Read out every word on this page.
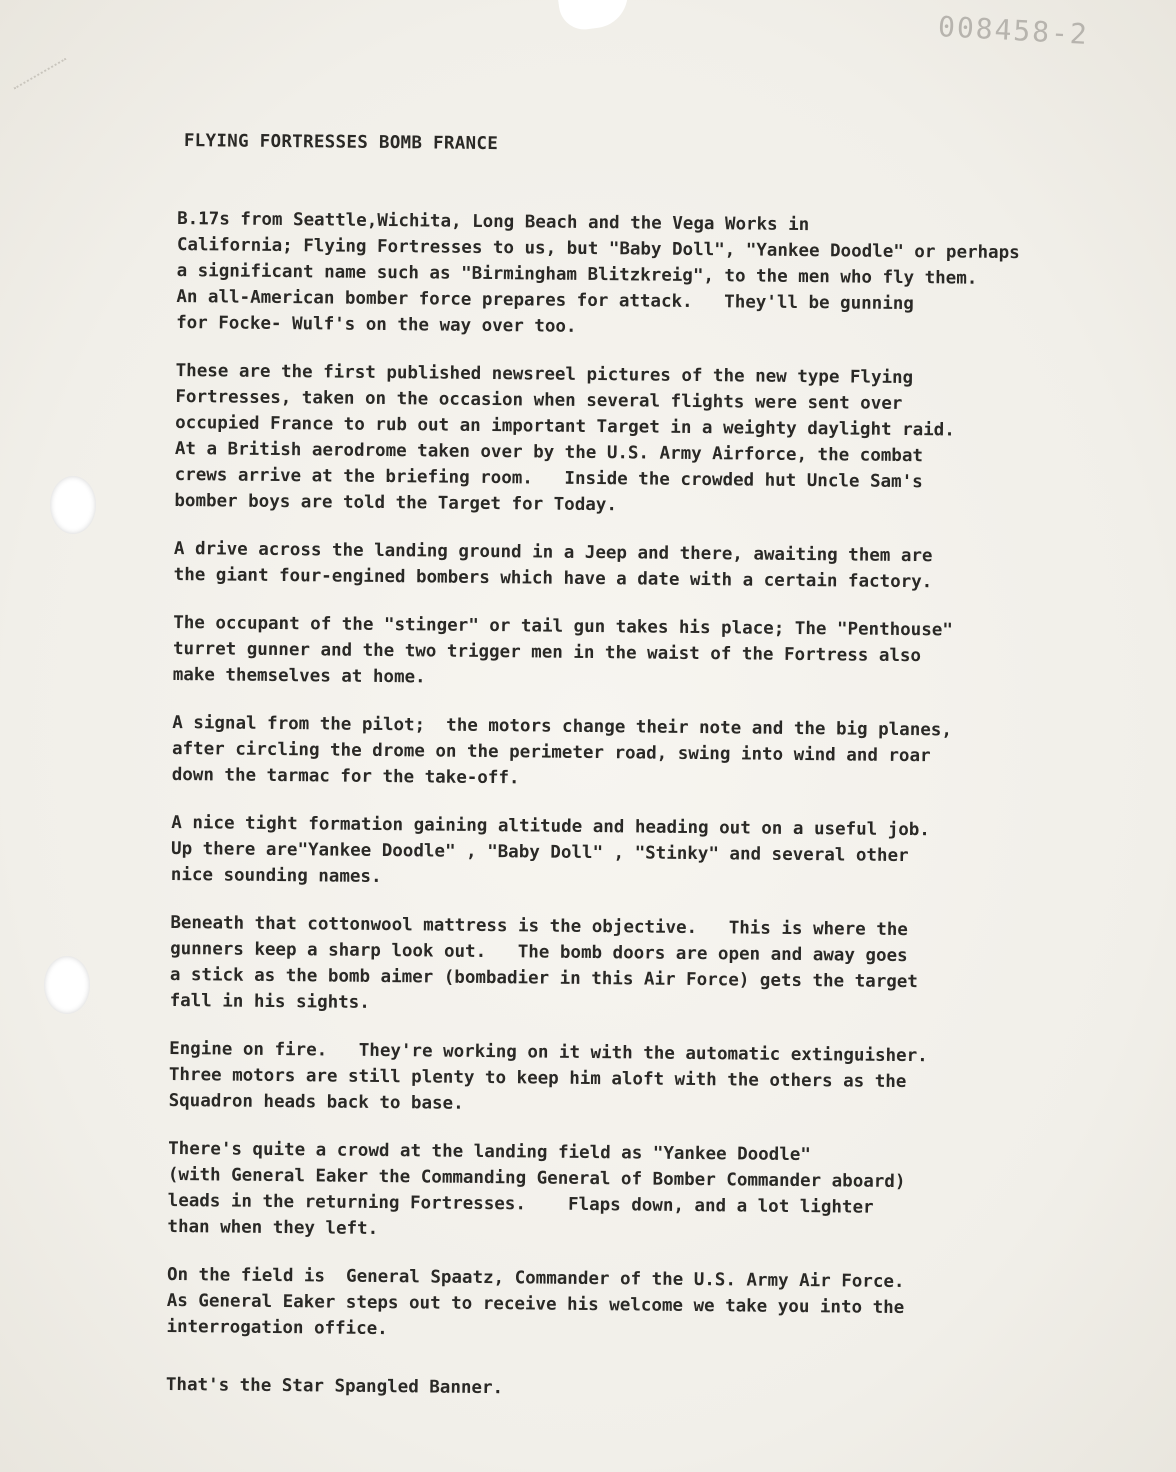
008458-2

FLYING FORTRESSES BOMB FRANCE

B.17s from Seattle,Wichita, Long Beach and the Vega Works in
California; Flying Fortresses to us, but "Baby Doll", "Yankee Doodle" or perhaps
a significant name such as "Birmingham Blitzkreig", to the men who fly them.
An all-American bomber force prepares for attack.   They'll be gunning
for Focke- Wulf's on the way over too.

These are the first published newsreel pictures of the new type Flying
Fortresses, taken on the occasion when several flights were sent over
occupied France to rub out an important Target in a weighty daylight raid.
At a British aerodrome taken over by the U.S. Army Airforce, the combat
crews arrive at the briefing room.   Inside the crowded hut Uncle Sam's
bomber boys are told the Target for Today.

A drive across the landing ground in a Jeep and there, awaiting them are
the giant four-engined bombers which have a date with a certain factory.

The occupant of the "stinger" or tail gun takes his place; The "Penthouse"
turret gunner and the two trigger men in the waist of the Fortress also
make themselves at home.

A signal from the pilot;  the motors change their note and the big planes,
after circling the drome on the perimeter road, swing into wind and roar
down the tarmac for the take-off.

A nice tight formation gaining altitude and heading out on a useful job.
Up there are"Yankee Doodle" , "Baby Doll" , "Stinky" and several other
nice sounding names.

Beneath that cottonwool mattress is the objective.   This is where the
gunners keep a sharp look out.   The bomb doors are open and away goes
a stick as the bomb aimer (bombadier in this Air Force) gets the target
fall in his sights.

Engine on fire.   They're working on it with the automatic extinguisher.
Three motors are still plenty to keep him aloft with the others as the
Squadron heads back to base.

There's quite a crowd at the landing field as "Yankee Doodle"
(with General Eaker the Commanding General of Bomber Commander aboard)
leads in the returning Fortresses.    Flaps down, and a lot lighter
than when they left.

On the field is  General Spaatz, Commander of the U.S. Army Air Force.
As General Eaker steps out to receive his welcome we take you into the
interrogation office.

That's the Star Spangled Banner.
